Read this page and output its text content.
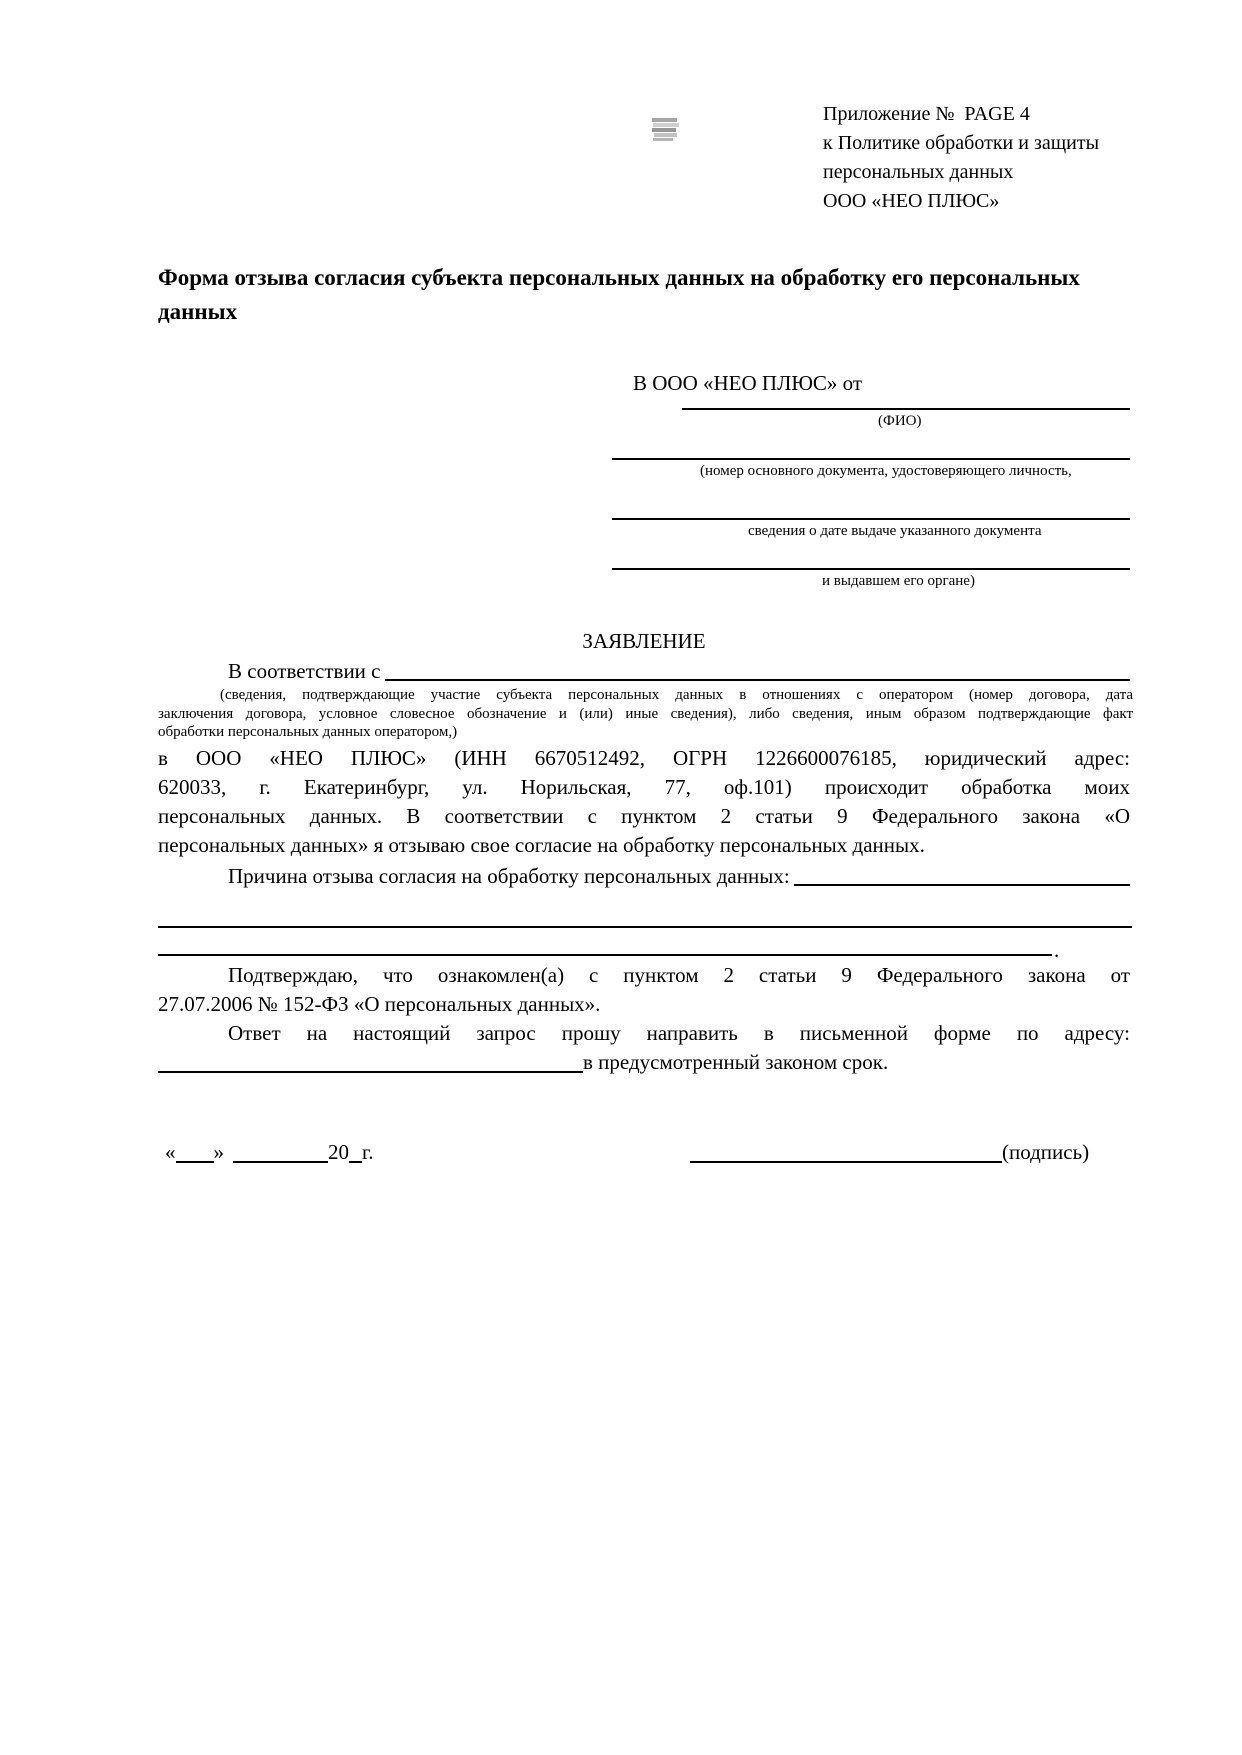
Приложение №  PAGE 4
к Политике обработки и защиты
персональных данных
ООО «НЕО ПЛЮС»
Форма отзыва согласия субъекта персональных данных на обработку его персональных данных
В ООО «НЕО ПЛЮС» от
(ФИО)
(номер основного документа, удостоверяющего личность,
сведения о дате выдаче указанного документа
и выдавшем его органе)
ЗАЯВЛЕНИЕ
В соответствии с
(сведения, подтверждающие участие субъекта персональных данных в отношениях с оператором (номер договора, дата
заключения договора, условное словесное обозначение и (или) иные сведения), либо сведения, иным образом подтверждающие факт
обработки персональных данных оператором,)
в ООО «НЕО ПЛЮС» (ИНН 6670512492, ОГРН 1226600076185, юридический адрес:
620033, г. Екатеринбург, ул. Норильская, 77, оф.101) происходит обработка моих
персональных данных. В соответствии с пунктом 2 статьи 9 Федерального закона «О
персональных данных» я отзываю свое согласие на обработку персональных данных.
Причина отзыва согласия на обработку персональных данных:
.
Подтверждаю, что ознакомлен(а) с пунктом 2 статьи 9 Федерального закона от
27.07.2006 № 152-ФЗ «О персональных данных».
Ответ на настоящий запрос прошу направить в письменной форме по адресу:
в предусмотренный законом срок.
« »	20 г.	(подпись)
